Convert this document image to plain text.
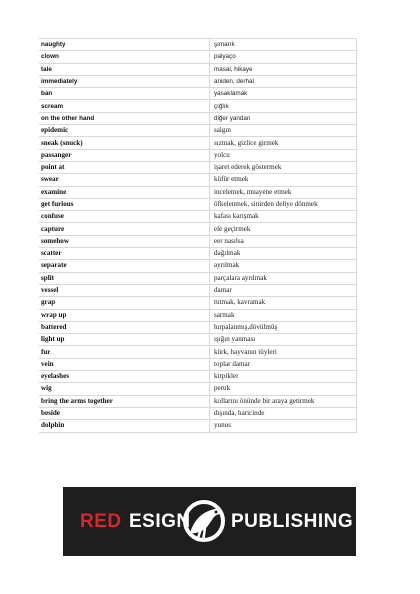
naughty	şımarık
clown	palyaço
tale	masal, hikaye
immediately	aniden, derhal
ban	yasaklamak
scream	çığlık
on the other hand	diğer yandan
epidemic	salgın
sneak (snuck)	sızmak, gizlice girmek
passanger	yolcu
point at	işaret ederek göstermek
swear	küfür etmek
examine	incelemek, muayene etmek
get furious	öfkelenmek, sinirden deliye dönmek
confuse	kafası karışmak
capture	ele geçirmek
somehow	eer nasılsa
scatter	dağılmak
separate	ayrılmak
split	parçalara ayrılmak
vessel	damar
grap	tutmak, kavramak
wrap up	sarmak
battered	hırpalanmış,dövülmüş
light up	ışığın yanması
fur	kürk, hayvanın tüyleri
vein	toplar damar
eyelashes	kirpikler
wig	peruk
bring the arms together	kollarını önünde bir araya getirmek
beside	dışında, haricinde
dolphin	yunus
RED ESIGN PUBLISHING
